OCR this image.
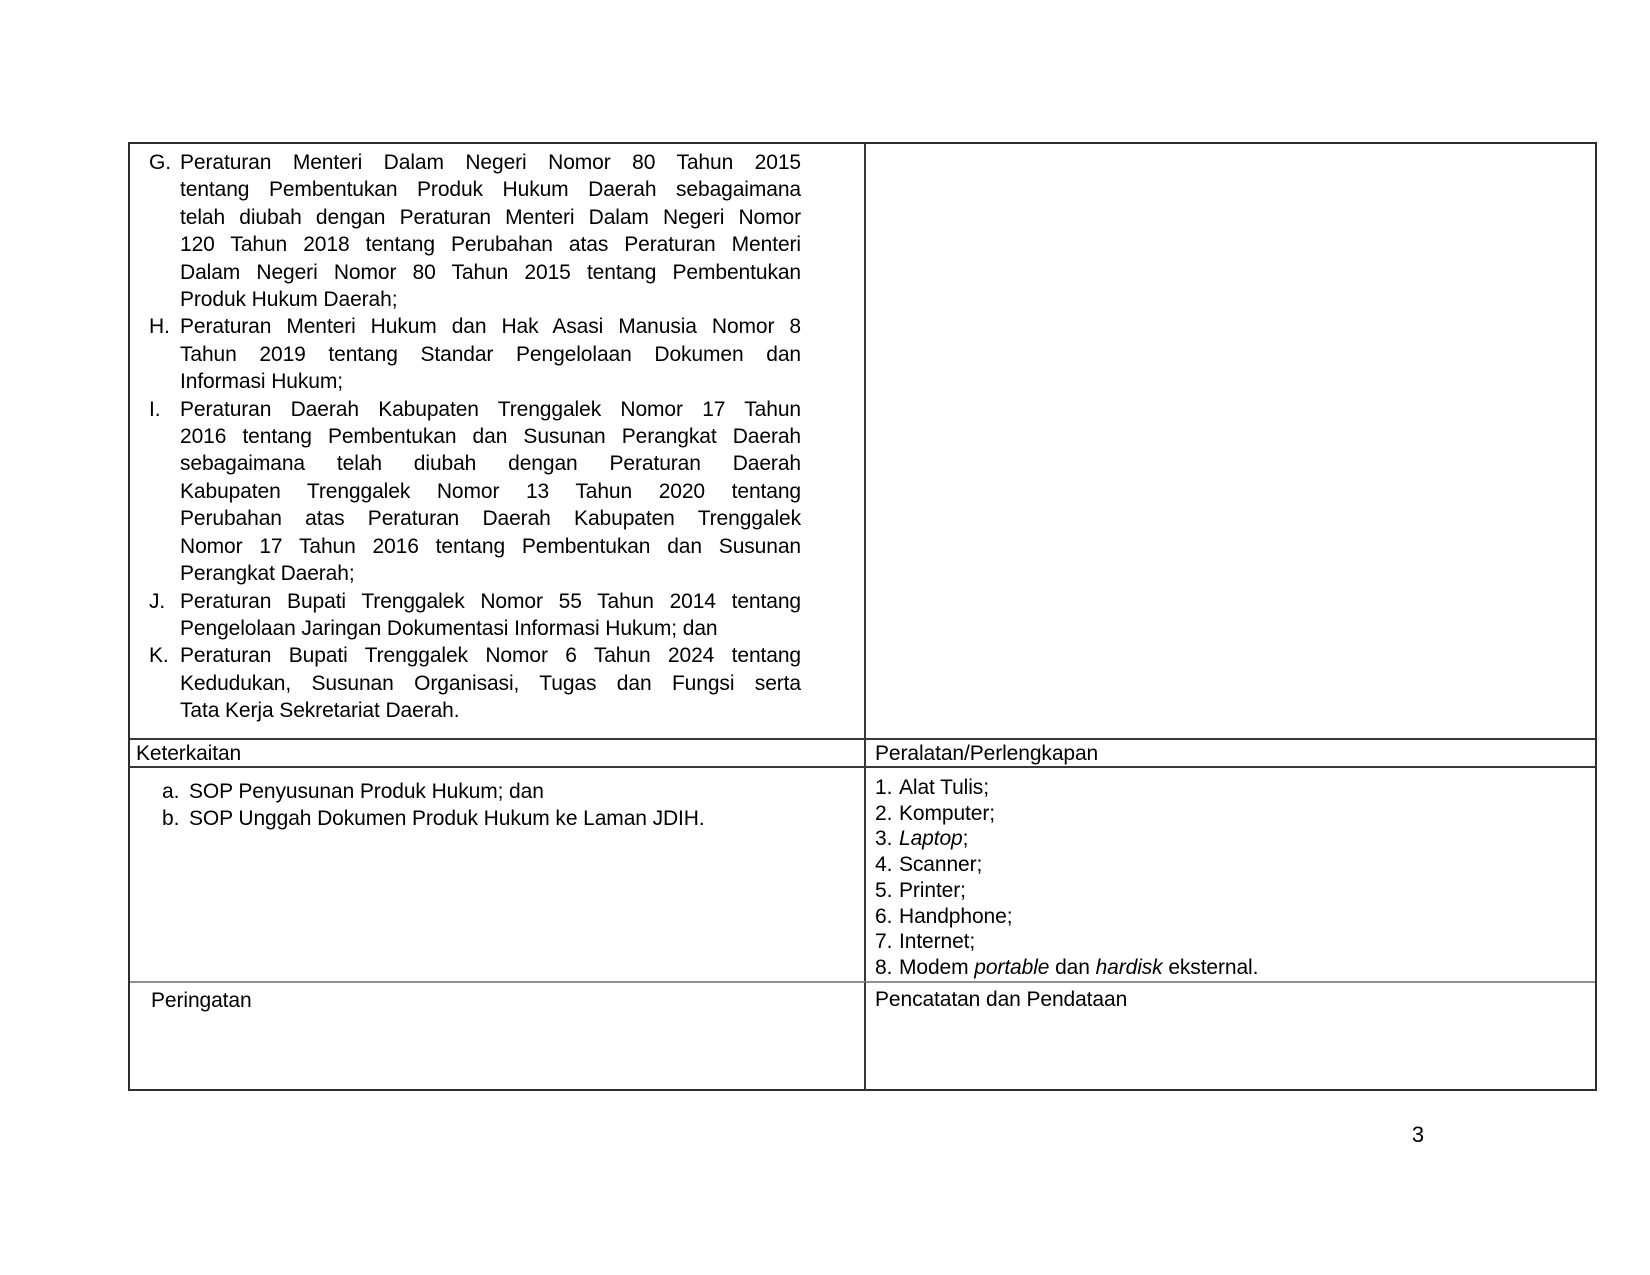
G. Peraturan Menteri Dalam Negeri Nomor 80 Tahun 2015
tentang Pembentukan Produk Hukum Daerah sebagaimana
telah diubah dengan Peraturan Menteri Dalam Negeri Nomor
120 Tahun 2018 tentang Perubahan atas Peraturan Menteri
Dalam Negeri Nomor 80 Tahun 2015 tentang Pembentukan
Produk Hukum Daerah;
H. Peraturan Menteri Hukum dan Hak Asasi Manusia Nomor 8
Tahun 2019 tentang Standar Pengelolaan Dokumen dan
Informasi Hukum;
I. Peraturan Daerah Kabupaten Trenggalek Nomor 17 Tahun
2016 tentang Pembentukan dan Susunan Perangkat Daerah
sebagaimana telah diubah dengan Peraturan Daerah
Kabupaten Trenggalek Nomor 13 Tahun 2020 tentang
Perubahan atas Peraturan Daerah Kabupaten Trenggalek
Nomor 17 Tahun 2016 tentang Pembentukan dan Susunan
Perangkat Daerah;
J. Peraturan Bupati Trenggalek Nomor 55 Tahun 2014 tentang
Pengelolaan Jaringan Dokumentasi Informasi Hukum; dan
K. Peraturan Bupati Trenggalek Nomor 6 Tahun 2024 tentang
Kedudukan, Susunan Organisasi, Tugas dan Fungsi serta
Tata Kerja Sekretariat Daerah.
Keterkaitan	Peralatan/Perlengkapan
a. SOP Penyusunan Produk Hukum; dan
b. SOP Unggah Dokumen Produk Hukum ke Laman JDIH.
1. Alat Tulis;
2. Komputer;
3. Laptop;
4. Scanner;
5. Printer;
6. Handphone;
7. Internet;
8. Modem portable dan hardisk eksternal.
Peringatan	Pencatatan dan Pendataan
3
